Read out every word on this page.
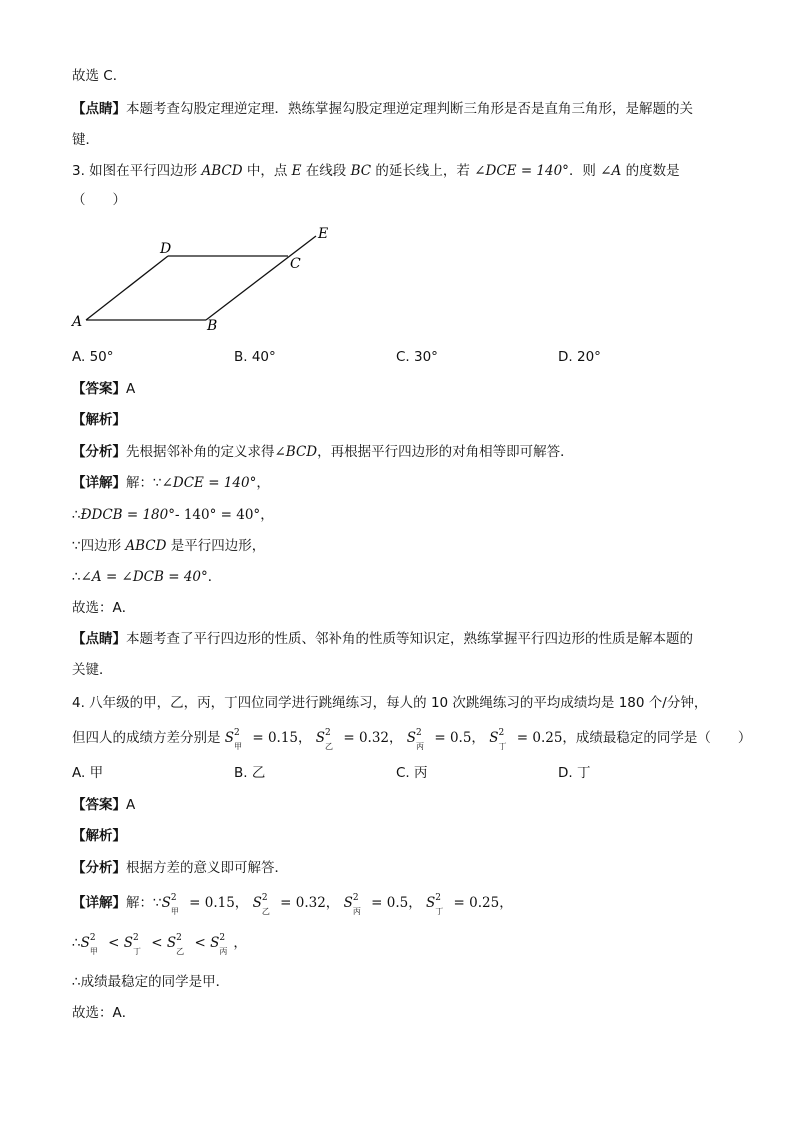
故选 C．
【点睛】本题考查勾股定理逆定理．熟练掌握勾股定理逆定理判断三角形是否是直角三角形，是解题的关
键．
3. 如图在平行四边形 ABCD 中，点 E 在线段 BC 的延长线上，若 ∠DCE = 140°．则 ∠A 的度数是
（　　）
A	B
C
D
E
A. 50°	B. 40°	C. 30°	D. 20°
【答案】A
【解析】
【分析】先根据邻补角的定义求得∠BCD，再根据平行四边形的对角相等即可解答．
【详解】解：∵∠DCE = 140°，
∴ÐDCB = 180°- 140° = 40°，
∵四边形 ABCD 是平行四边形，
∴∠A = ∠DCB = 40°．
故选：A．
【点睛】本题考查了平行四边形的性质、邻补角的性质等知识定，熟练掌握平行四边形的性质是解本题的
关键．
4. 八年级的甲，乙，丙，丁四位同学进行跳绳练习，每人的 10 次跳绳练习的平均成绩均是 180 个/分钟，
但四人的成绩方差分别是 S 2
甲
= 0.15， S 2
乙
= 0.32， S 2
丙
= 0.5， S 2
丁
= 0.25，成绩最稳定的同学是（　　）
A. 甲	B. 乙	C. 丙	D. 丁
【答案】A
【解析】
【分析】根据方差的意义即可解答．
【详解】解：∵S 2
甲
= 0.15， S 2
乙
= 0.32， S 2
丙
= 0.5， S 2
丁
= 0.25，
∴S 2
甲
< S 2
丁
< S 2
乙
< S 2
丙
，
∴成绩最稳定的同学是甲．
故选：A．
